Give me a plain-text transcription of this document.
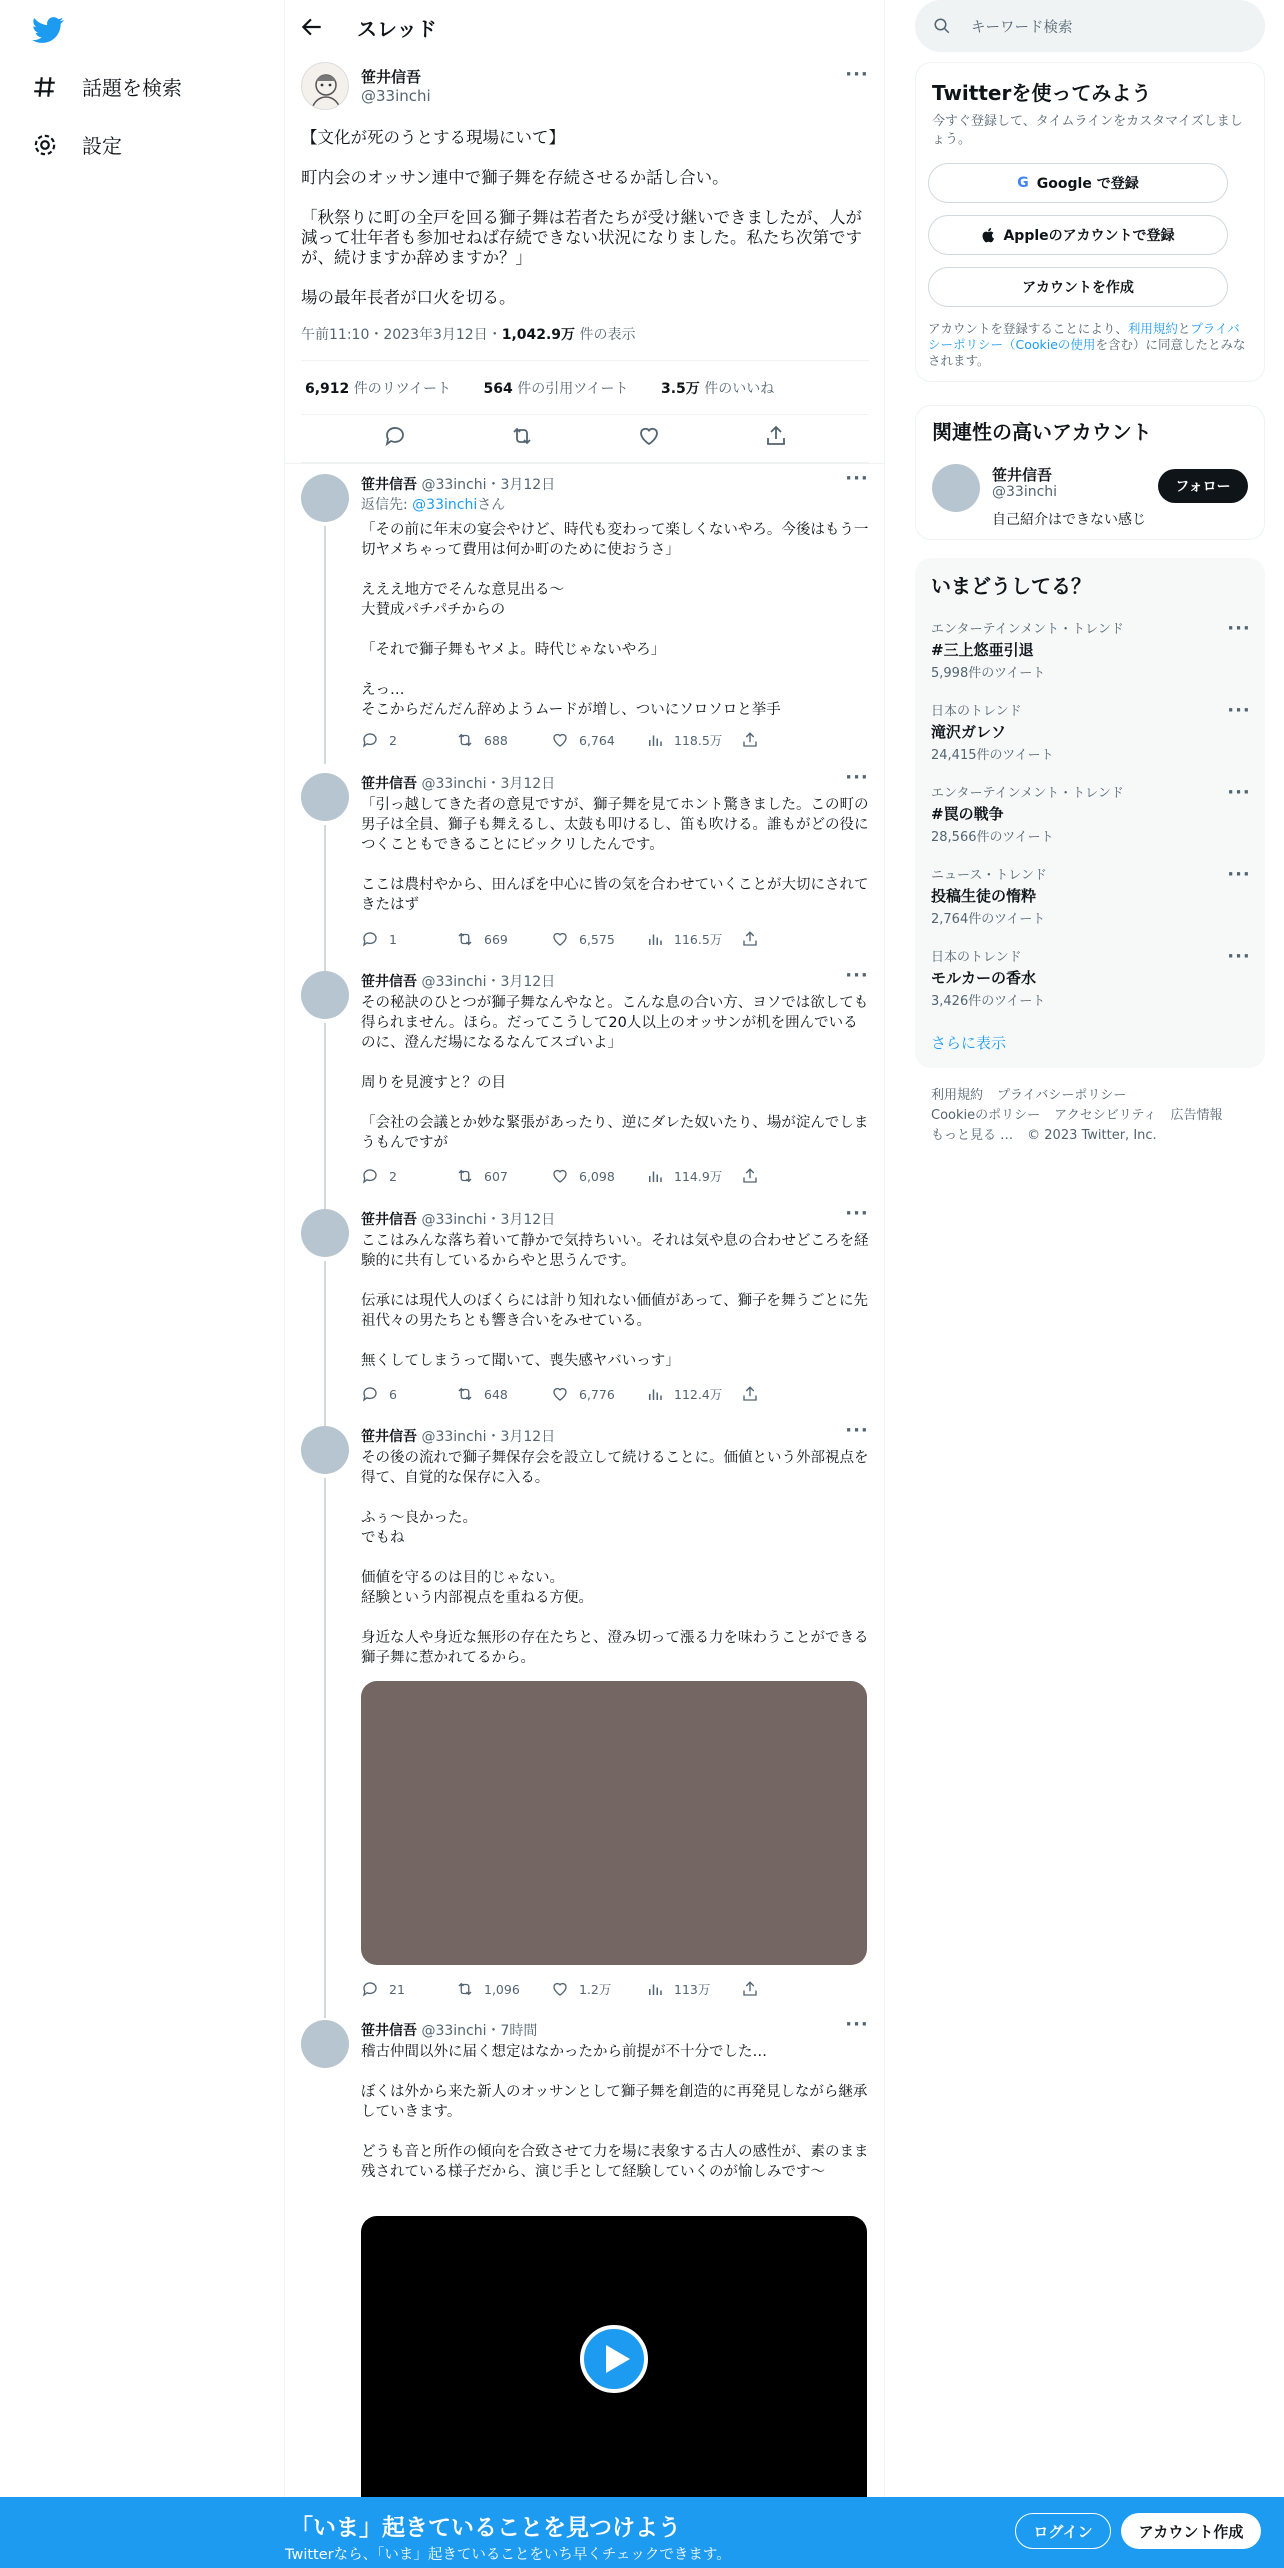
話題を検索
設定
スレッド
笹井信吾
@33inchi
···
【文化が死のうとする現場にいて】

町内会のオッサン連中で獅子舞を存続させるか話し合い。

「秋祭りに町の全戸を回る獅子舞は若者たちが受け継いできましたが、人が減って壮年者も参加せねば存続できない状況になりました。私たち次第ですが、続けますか辞めますか？」

場の最年長者が口火を切る。
午前11:10・2023年3月12日・1,042.9万 件の表示
6,912 件のリツイート　　 564 件の引用ツイート　　 3.5万 件のいいね
笹井信吾 @33inchi・3月12日	···
返信先: @33inchiさん
「その前に年末の宴会やけど、時代も変わって楽しくないやろ。今後はもう一切ヤメちゃって費用は何か町のために使おうさ」

えええ地方でそんな意見出る〜
大賛成パチパチからの

「それで獅子舞もヤメよ。時代じゃないやろ」

えっ…
そこからだんだん辞めようムードが増し、ついにソロソロと挙手
2	688	6,764	118.5万
笹井信吾 @33inchi・3月12日	···
「引っ越してきた者の意見ですが、獅子舞を見てホント驚きました。この町の男子は全員、獅子も舞えるし、太鼓も叩けるし、笛も吹ける。誰もがどの役につくこともできることにビックリしたんです。

ここは農村やから、田んぼを中心に皆の気を合わせていくことが大切にされてきたはず
1	669	6,575	116.5万
笹井信吾 @33inchi・3月12日	···
その秘訣のひとつが獅子舞なんやなと。こんな息の合い方、ヨソでは欲しても得られません。ほら。だってこうして20人以上のオッサンが机を囲んでいるのに、澄んだ場になるなんてスゴいよ」

周りを見渡すと？の目

「会社の会議とか妙な緊張があったり、逆にダレた奴いたり、場が淀んでしまうもんですが
2	607	6,098	114.9万
笹井信吾 @33inchi・3月12日	···
ここはみんな落ち着いて静かで気持ちいい。それは気や息の合わせどころを経験的に共有しているからやと思うんです。

伝承には現代人のぼくらには計り知れない価値があって、獅子を舞うごとに先祖代々の男たちとも響き合いをみせている。

無くしてしまうって聞いて、喪失感ヤバいっす」
6	648	6,776	112.4万
笹井信吾 @33inchi・3月12日	···
その後の流れで獅子舞保存会を設立して続けることに。価値という外部視点を得て、自覚的な保存に入る。

ふぅ〜良かった。
でもね

価値を守るのは目的じゃない。
経験という内部視点を重ねる方便。

身近な人や身近な無形の存在たちと、澄み切って漲る力を味わうことができる獅子舞に惹かれてるから。
21	1,096	1.2万	113万
笹井信吾 @33inchi・7時間	···
稽古仲間以外に届く想定はなかったから前提が不十分でした…

ぼくは外から来た新人のオッサンとして獅子舞を創造的に再発見しながら継承していきます。

どうも音と所作の傾向を合致させて力を場に表象する古人の感性が、素のまま残されている様子だから、演じ手として経験していくのが愉しみです〜
キーワード検索
Twitterを使ってみよう
今すぐ登録して、タイムラインをカスタマイズしましょう。
G Google で登録
Appleのアカウントで登録
アカウントを作成
アカウントを登録することにより、利用規約とプライバシーポリシー（Cookieの使用を含む）に同意したとみなされます。
関連性の高いアカウント
笹井信吾
@33inchi
自己紹介はできない感じ
フォロー
いまどうしてる？
エンターテインメント・トレンド
#三上悠亜引退
5,998件のツイート
···
日本のトレンド
滝沢ガレソ
24,415件のツイート
···
エンターテインメント・トレンド
#罠の戦争
28,566件のツイート
···
ニュース・トレンド
投稿生徒の惰粋
2,764件のツイート
···
日本のトレンド
モルカーの香水
3,426件のツイート
···
さらに表示
利用規約 プライバシーポリシー
Cookieのポリシー アクセシビリティ 広告情報
もっと見る … © 2023 Twitter, Inc.
「いま」起きていることを見つけよう
Twitterなら、「いま」起きていることをいち早くチェックできます。
ログイン	アカウント作成
